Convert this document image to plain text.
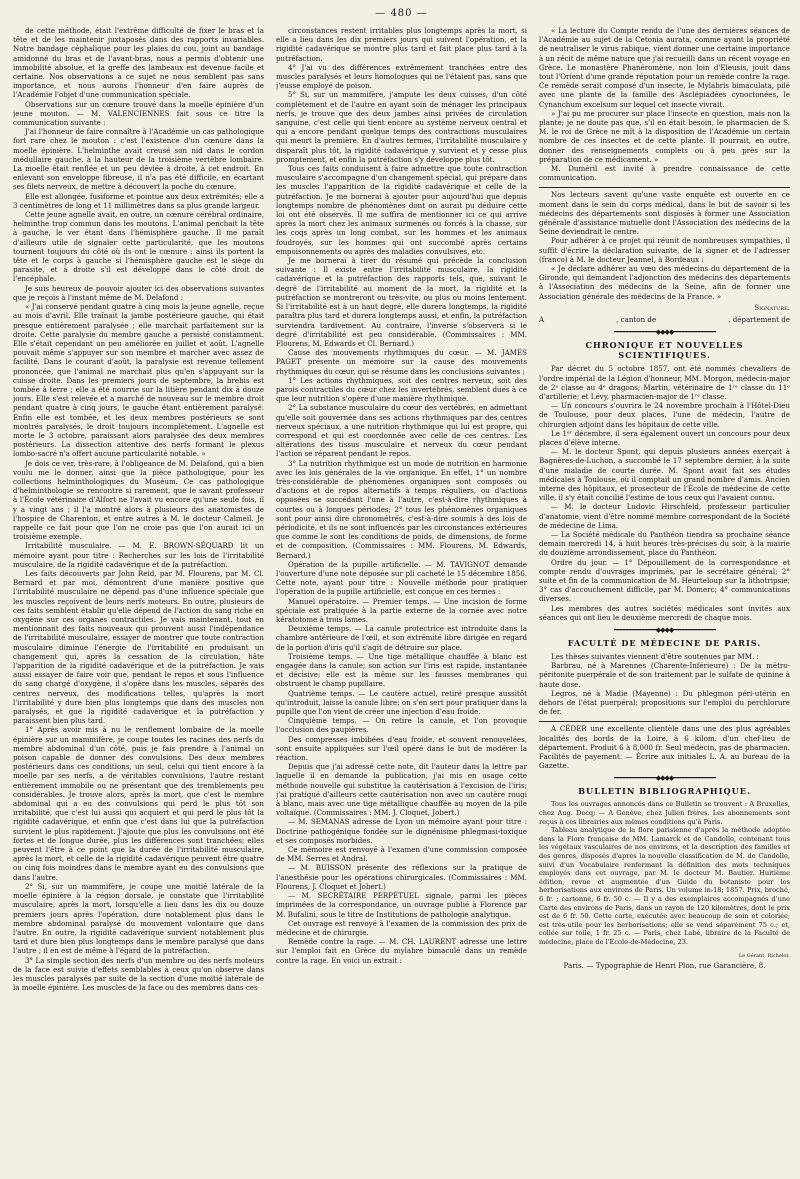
— 480 —

de cette méthode, était l'extrême difficulté de fixer le bras et la tête et de les maintenir juxtaposés dans des rapports invariables. Notre bandage céphalique pour les plaies du cou, joint au bandage amidonné du bras et de l'avant-bras, nous a permis d'obtenir une immobilité absolue, et la greffe des lambeaux est devenue facile et certaine. Nos observations à ce sujet ne nous semblent pas sans importance, et nous aurons l'honneur d'en faire auprès de l'Académie l'objet d'une communication spéciale.

Observations sur un cœnure trouvé dans la moelle épinière d'un jeune mouton. — M. VALENCIENNES fait sous ce titre la communication suivante :

J'ai l'honneur de faire connaître à l'Académie un cas pathologique fort rare chez le mouton : c'est l'existence d'un cœnure dans la moelle épinière. L'helminthe avait creusé son nid dans le cordon médullaire gauche, à la hauteur de la troisième vertèbre lombaire. La moelle était renflée et un peu déviée à droite, à cet endroit. En enlevant son enveloppe fibreuse, il n'a pas été difficile, en écartant ses filets nerveux, de mettre à découvert la poche du cœnure.

Elle est allongée, fusiforme et pointue aux deux extrémités; elle a 3 centimètres de long et 11 millimètres dans sa plus grande largeur.

Cette jeune agnelle avait, en outre, un cœnure cérébral ordinaire, helminthe trop commun dans les moutons. L'animal penchait la tête à gauche, le ver étant dans l'hémisphère gauche. Il me paraît d'ailleurs utile de signaler cette particularité, que les moutons tournent toujours du côté où ils ont le cœnure ; ainsi ils portent la tête et le corps à gauche si l'hémisphère gauche est le siège du parasite, et à droite s'il est développé dans le côté droit de l'encéphale.

Je suis heureux de pouvoir ajouter ici des observations suivantes que je reçois à l'instant même de M. Delafond :

« J'ai conservé pendant quatre à cinq mois la jeune agnelle, reçue au mois d'avril. Elle traînait la jambe postérieure gauche, qui était presque entièrement paralysée ; elle marchait parfaitement sur la droite. Cette paralysie du membre gauche a persisté constamment. Elle s'était cependant un peu améliorée en juillet et août. L'agnelle pouvait même s'appuyer sur son membre et marcher avec assez de facilité. Dans le courant d'août, la paralysie est revenue tellement prononcée, que l'animal ne marchait plus qu'en s'appuyant sur la cuisse droite. Dans les premiers jours de septembre, la brebis est tombée à terre ; elle a été nourrie sur la litière pendant dix à douze jours. Elle s'est relevée et a marché de nouveau sur le membre droit pendant quatre à cinq jours, le gauche étant entièrement paralysé. Enfin elle est tombée, et les deux membres postérieurs se sont montrés paralysés, le droit toujours incomplètement. L'agnelle est morte le 3 octobre, paraissant alors paralysée des deux membres postérieurs. La dissection attentive des nerfs formant le plexus lombo-sacré n'a offert aucune particularité notable. »

Je dois ce ver, très-rare, à l'obligeance de M. Delafond, qui a bien voulu me le donner, ainsi que la pièce pathologique, pour les collections helminthologiques du Muséum. Ce cas pathologique d'helminthologie se rencontre si rarement, que le savant professeur à l'École vétérinaire d'Alfort ne l'avait vu encore qu'une seule fois, il y a vingt ans ; il l'a montré alors à plusieurs des anatomistes de l'hospice de Charenton, et entre autres à M. le docteur Calmeil. Je rappelle ce fait pour que l'on ne croie pas que l'on aurait ici un troisième exemple.

Irritabilité musculaire. — M. E. BROWN-SÉQUARD lit un mémoire ayant pour titre : Recherches sur les lois de l'irritabilité musculaire, de la rigidité cadavérique et de la putréfaction.

Les faits découverts par John Reid, par M. Flourens, par M. Cl. Bernard et par moi, démontrent d'une manière positive que l'irritabilité musculaire ne dépend pas d'une influence spéciale que les muscles reçoivent de leurs nerfs moteurs. En outre, plusieurs de ces faits semblent établir qu'elle dépend de l'action du sang riche en oxygène sur ces organes contractiles. Je vais maintenant, tout en mentionnant des faits nouveaux qui prouvent aussi l'indépendance de l'irritabilité musculaire, essayer de montrer que toute contraction musculaire diminue l'énergie de l'irritabilité en produisant un changement qui, après la cessation de la circulation, hâte l'apparition de la rigidité cadavérique et de la putréfaction. Je vais aussi essayer de faire voir que, pendant le repos et sous l'influence du sang chargé d'oxygène, il s'opère dans les muscles, séparés des centres nerveux, des modifications telles, qu'après la mort l'irritabilité y dure bien plus longtemps que dans des muscles non paralysés, et que la rigidité cadavérique et la putréfaction y paraissent bien plus tard.

1° Après avoir mis à nu le renflement lombaire de la moelle épinière sur un mammifère, je coupe toutes les racines des nerfs du membre abdominal d'un côté, puis je fais prendre à l'animal un poison capable de donner des convulsions. Des deux membres postérieurs dans ces conditions, un seul, celui qui tient encore à la moelle par ses nerfs, a de véritables convulsions, l'autre restant entièrement immobile ou ne présentant que des tremblements peu considérables. Je trouve alors, après la mort, que c'est le membre abdominal qui a eu des convulsions qui perd le plus tôt son irritabilité, que c'est lui aussi qui acquiert et qui perd le plus tôt la rigidité cadavérique, et enfin que c'est dans lui que la putréfaction survient le plus rapidement. J'ajoute que plus les convulsions ont été fortes et de longue durée, plus les différences sont tranchées; elles peuvent l'être à ce point que la durée de l'irritabilité musculaire, après la mort, et celle de la rigidité cadavérique peuvent être quatre ou cinq fois moindres dans le membre ayant eu des convulsions que dans l'autre.

2° Si, sur un mammifère, je coupe une moitié latérale de la moelle épinière à la région dorsale, je constate que l'irritabilité musculaire, après la mort, lorsqu'elle a lieu dans les dix ou douze premiers jours après l'opération, dure notablement plus dans le membre abdominal paralysé du mouvement volontaire que dans l'autre. En outre, la rigidité cadavérique survient notablement plus tard et dure bien plus longtemps dans le membre paralysé que dans l'autre ; il en est de même à l'égard de la putréfaction.

3° La simple section des nerfs d'un membre ou des nerfs moteurs de la face est suivie d'effets semblables à ceux qu'on observe dans les muscles paralysés par suite de la section d'une moitié latérale de la moelle épinière. Les muscles de la face ou des membres dans ces

circonstances restent irritables plus longtemps après la mort, si elle a lieu dans les dix premiers jours qui suivent l'opération, et la rigidité cadavérique se montre plus tard et fait place plus tard à la putréfaction.

4° J'ai vu des différences extrêmement tranchées entre des muscles paralysés et leurs homologues qui ne l'étaient pas, sans que j'eusse employé de poison.

5° Si, sur un mammifère, j'ampute les deux cuisses, d'un côté complètement et de l'autre en ayant soin de ménager les principaux nerfs, je trouve que des deux jambes ainsi privées de circulation sanguine, c'est celle qui tient encore au système nerveux central et qui a encore pendant quelque temps des contractions musculaires qui meurt la première. En d'autres termes, l'irritabilité musculaire y disparaît plus tôt, la rigidité cadavérique y survient et y cesse plus promptement, et enfin la putréfaction s'y développe plus tôt.

Tous ces faits conduisent à faire admettre que toute contraction musculaire s'accompagne d'un changement spécial, qui prépare dans les muscles l'apparition de la rigidité cadavérique et celle de la putréfaction. Je me bornerai à ajouter pour aujourd'hui que depuis longtemps nombre de phénomènes dont on aurait pu déduire cette loi ont été observés. Il me suffira de mentionner ici ce qui arrive après la mort chez les animaux surmenés ou forcés à la chasse, sur les coqs après un long combat, sur les hommes et les animaux foudroyés, sur les hommes qui ont succombé après certains empoisonnements ou après des maladies convulsives, etc.

Je me bornerai à tirer du résumé qui précède la conclusion suivante : Il existe entre l'irritabilité musculaire, la rigidité cadavérique et la putréfaction des rapports tels, que, suivant le degré de l'irritabilité au moment de la mort, la rigidité et la putréfaction se montreront ou très-vite, ou plus ou moins lentement. Si l'irritabilité est à un haut degré, elle durera longtemps, la rigidité paraîtra plus tard et durera longtemps aussi, et enfin, la putréfaction surviendra tardivement. Au contraire, l'inverse s'observera si le degré d'irritabilité est peu considérable. (Commissaires : MM. Flourens, M. Edwards et Cl. Bernard.)

Cause des mouvements rhythmiques du cœur. — M. JAMES PAGET présente un mémoire sur la cause des mouvements rhythmiques du cœur, qui se résume dans les conclusions suivantes :

1° Les actions rhythmiques, soit des centres nerveux, soit des parois contractiles du cœur chez les invertébrés, semblent dues à ce que leur nutrition s'opère d'une manière rhythmique.

2° La substance musculaire du cœur des vertébrés, en admettant qu'elle soit gouvernée dans ses actions rhythmiques par des centres nerveux spéciaux, a une nutrition rhythmique qui lui est propre, qui correspond et qui est coordonnée avec celle de ces centres. Les altérations des tissus musculaire et nerveux du cœur pendant l'action se réparent pendant le repos.

3° La nutrition rhythmique est un mode de nutrition en harmonie avec les lois générales de la vie organique. En effet, 1° un nombre très-considérable de phénomènes organiques sont composés ou d'actions et de repos alternatifs à temps réguliers, ou d'actions opposées se succédant l'une à l'autre, c'est-à-dire rhythmiques à courtes ou à longues périodes; 2° tous les phénomènes organiques sont pour ainsi dire chronométrés, c'est-à-dire soumis à des lois de périodicité, et ils ne sont influencés par les circonstances extérieures que comme le sont les conditions de poids, de dimensions, de forme et de composition. (Commissaires : MM. Flourens, M. Edwards, Bernard.)

Opération de la pupille artificielle. — M. TAVIGNOT demande l'ouverture d'une note déposée sur pli cacheté le 15 décembre 1856. Cette note, ayant pour titre : Nouvelle méthode pour pratiquer l'opération de la pupille artificielle, est conçue en ces termes :

Manuel opératoire. — Premier temps. — Une incision de forme spéciale est pratiquée à la partie externe de la cornée avec notre kératotome à trois lames.

Deuxième temps. — La canule protectrice est introduite dans la chambre antérieure de l'œil, et son extrémité libre dirigée en regard de la portion d'iris qu'il s'agit de détruire sur place.

Troisième temps. — Une tige métallique chauffée à blanc est engagée dans la canule; son action sur l'iris est rapide, instantanée et décisive; elle est la même sur les fausses membranes qui obstruent le champ pupillaire.

Quatrième temps. — Le cautère actuel, retiré presque aussitôt qu'introduit, laisse la canule libre; on s'en sert pour pratiquer dans la pupille que l'on vient de créer une injection d'eau froide.

Cinquième temps. — On retire la canule, et l'on provoque l'occlusion des paupières.

Des compresses imbibées d'eau froide, et souvent renouvelées, sont ensuite appliquées sur l'œil opéré dans le but de modérer la réaction.

Depuis que j'ai adressé cette note, dit l'auteur dans la lettre par laquelle il en demande la publication, j'ai mis en usage cette méthode nouvelle qui substitue la cautérisation à l'excision de l'iris; j'ai pratiqué d'ailleurs cette cautérisation non avec un cautère rougi à blanc, mais avec une tige métallique chauffée au moyen de la pile voltaïque. (Commissaires : MM. J. Cloquet, Jobert.)

— M. SEMANAS adresse de Lyon un mémoire ayant pour titre : Doctrine pathogénique fondée sur le dignénisme phlegmasi-toxique et ses composés morbides.

Ce mémoire est renvoyé à l'examen d'une commission composée de MM. Serres et Andral.

— M. BUISSON présente des réflexions sur la pratique de l'anesthésie pour les opérations chirurgicales. (Commissaires : MM. Flourens, J. Cloquet et Jobert.)

— M. SECRÉTAIRE PERPÉTUEL signale, parmi les pièces imprimées de la correspondance, un ouvrage publié à Florence par M. Bufalini, sous le titre de Institutions de pathologie analytique.

Cet ouvrage est renvoyé à l'examen de la commission des prix de médecine et de chirurgie.

Remède contre la rage. — M. CH. LAURENT adresse une lettre sur l'emploi fait en Grèce du mylabre bimaculé dans un remède contre la rage. En voici un extrait :

« La lecture du Compte rendu de l'une des dernières séances de l'Académie au sujet de la Cetonia aurata, comme ayant la propriété de neutraliser le virus rabique, vient donner une certaine importance à un récit de même nature que j'ai recueilli dans un récent voyage en Grèce. Le monastère Phanéromène, non loin d'Eleusis, jouit dans tout l'Orient d'une grande réputation pour un remède contre la rage. Ce remède serait composé d'un insecte, le Mylabris bimaculata, pilé avec une plante de la famille des Asclépiadées cynoctonées, le Cynanchum excelsum sur lequel cet insecte vivrait.

» J'ai pu me procurer sur place l'insecte en question, mais non la plante; je ne doute pas que, s'il en était besoin, le pharmacien de S. M. le roi de Grèce ne mît à la disposition de l'Académie un certain nombre de ces insectes et de cette plante. Il pourrait, en outre, donner des renseignements complets ou à peu près sur la préparation de ce médicament. »

M. Duméril est invité à prendre connaissance de cette communication.

Nos lecteurs savent qu'une vaste enquête est ouverte en ce moment dans le sein du corps médical, dans le but de savoir si les médecins des départements sont disposés à former une Association générale d'assistance mutuelle dont l'Association des médecins de la Seine deviendrait le centre.

Pour adhérer à ce projet qui réunit de nombreuses sympathies, il suffit d'écrire la déclaration suivante, de la signer et de l'adresser (franco) à M. le docteur Jeannel, à Bordeaux :

« Je déclare adhérer au vœu des médecins du département de la Gironde, qui demandent l'adjonction des médecins des départements à l'Association des médecins de la Seine, afin de former une Association générale des médecins de la France. »

Signature.
A	, canton de	, département de
━━━━━━━━━━━━━◆◆◆◆━━━━━━━━━━━━━
CHRONIQUE ET NOUVELLES SCIENTIFIQUES.

Par décret du 5 octobre 1857, ont été nommés chevaliers de l'ordre impérial de la Légion d'honneur, MM. Morgon, médecin-major de 2ᵉ classe au 4ᵉ dragons; Martin, vétérinaire de 1ʳᵉ classe du 11ᵉ d'artillerie; et Lévy, pharmacien-major de 1ʳᵉ classe.

— Un concours s'ouvrira le 24 novembre prochain à l'Hôtel-Dieu de Toulouse, pour deux places, l'une de médecin, l'autre de chirurgien adjoint dans les hôpitaux de cette ville.

Le 1ᵉʳ décembre, il sera également ouvert un concours pour deux places d'élève interne.

— M. le docteur Spont, qui depuis plusieurs années exerçait à Bagnères-de-Luchon, a succombé le 17 septembre dernier, à la suite d'une maladie de courte durée. M. Spont avait fait ses études médicales à Toulouse, où il comptait un grand nombre d'amis. Ancien interne des hôpitaux, et prosecteur de l'École de médecine de cette ville, il s'y était concilié l'estime de tous ceux qui l'avaient connu.

— M. le docteur Ludovic Hirschfeld, professeur particulier d'anatomie, vient d'être nommé membre correspondant de la Société de médecine de Lima.

— La Société médicale du Panthéon tiendra sa prochaine séance demain mercredi 14, à huit heures très-précises du soir, à la mairie du douzième arrondissement, place du Panthéon.

Ordre du jour. — 1° Dépouillement de la correspondance et compte rendu d'ouvrages imprimés, par le secrétaire général; 2° suite et fin de la communication de M. Heurteloup sur la lithotripsie; 3° cas d'accouchement difficile, par M. Domerc; 4° communications diverses.

Les membres des autres sociétés médicales sont invités aux séances qui ont lieu le deuxième mercredi de chaque mois.

━━━━━━━━━━━━━◆◆◆◆━━━━━━━━━━━━━
FACULTÉ DE MÉDECINE DE PARIS.

Les thèses suivantes viennent d'être soutenues par MM. :

Barbrau, né à Marennes (Charente-Inférieure) : De la métro-péritonite puerpérale et de son traitement par le sulfate de quinine à haute dose.

Legros, né à Madie (Mayenne) : Du phlegmon péri-utérin en dehors de l'état puerpéral; propositions sur l'emploi du perchlorure de fer.

A CÉDER une excellente clientèle dans une des plus agréables localités des bords de la Loire, à 6 kilom. d'un chef-lieu de département. Produit 6 à 8,000 fr. Seul médecin, pas de pharmacien. Facilités de payement. — Écrire aux initiales L. A. au bureau de la Gazette.

━━━━━━━━━━━━━◆◆◆◆━━━━━━━━━━━━━
BULLETIN BIBLIOGRAPHIQUE.

Tous les ouvrages annoncés dans ce Bulletin se trouvent : A Bruxelles, chez Aug. Decq; — A Genève, chez Julien frères. Les abonnements sont reçus à ces librairies aux mêmes conditions qu'à Paris.

Tableau analytique de la flore parisienne d'après la méthode adoptée dans la Flore française de MM. Lamarck et de Candolle, contenant tous les végétaux vasculaires de nos environs, et la description des familles et des genres, disposés d'après la nouvelle classification de M. de Candolle, suivi d'un Vocabulaire renfermant la définition des mots techniques employés dans cet ouvrage, par M. le docteur M. Bautier. Huitième édition, revue et augmentée d'un Guide du botaniste pour les herborisations aux environs de Paris. Un volume in-18; 1857. Prix, broché, 6 fr. ; cartonné, 6 fr. 50 c. — Il y a des exemplaires accompagnés d'une Carte des environs de Paris, dans un rayon de 120 kilomètres, dont le prix est de 6 fr. 50. Cette carte, exécutée avec beaucoup de soin et coloriée, est très-utile pour les herborisations; elle se vend séparément 75 c.; et, collée sur toile, 1 fr. 25 c. — Paris, chez Labé, libraire de la Faculté de médecine, place de l'École-de-Médecine, 23.

Le Gérant, Richelot.
Paris. — Typographie de Henri Plon, rue Garancière, 8.
